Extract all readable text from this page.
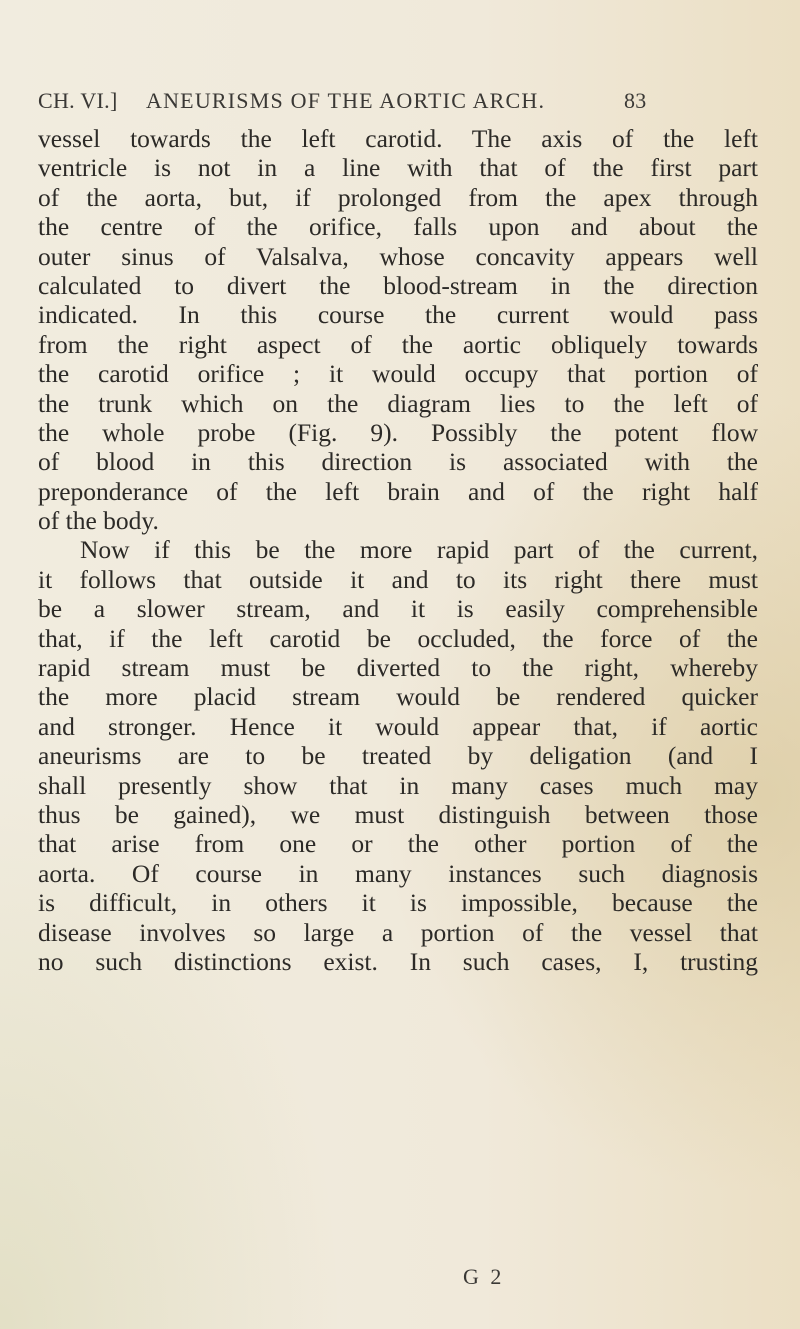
CH. VI.] ANEURISMS OF THE AORTIC ARCH.	83
vessel towards the left carotid. The axis of the left
ventricle is not in a line with that of the first part
of the aorta, but, if prolonged from the apex through
the centre of the orifice, falls upon and about the
outer sinus of Valsalva, whose concavity appears well
calculated to divert the blood-stream in the direction
indicated. In this course the current would pass
from the right aspect of the aortic obliquely towards
the carotid orifice ; it would occupy that portion of
the trunk which on the diagram lies to the left of
the whole probe (Fig. 9). Possibly the potent flow
of blood in this direction is associated with the
preponderance of the left brain and of the right half
of the body.
Now if this be the more rapid part of the current,
it follows that outside it and to its right there must
be a slower stream, and it is easily comprehensible
that, if the left carotid be occluded, the force of the
rapid stream must be diverted to the right, whereby
the more placid stream would be rendered quicker
and stronger. Hence it would appear that, if aortic
aneurisms are to be treated by deligation (and I
shall presently show that in many cases much may
thus be gained), we must distinguish between those
that arise from one or the other portion of the
aorta. Of course in many instances such diagnosis
is difficult, in others it is impossible, because the
disease involves so large a portion of the vessel that
no such distinctions exist. In such cases, I, trusting
G 2
